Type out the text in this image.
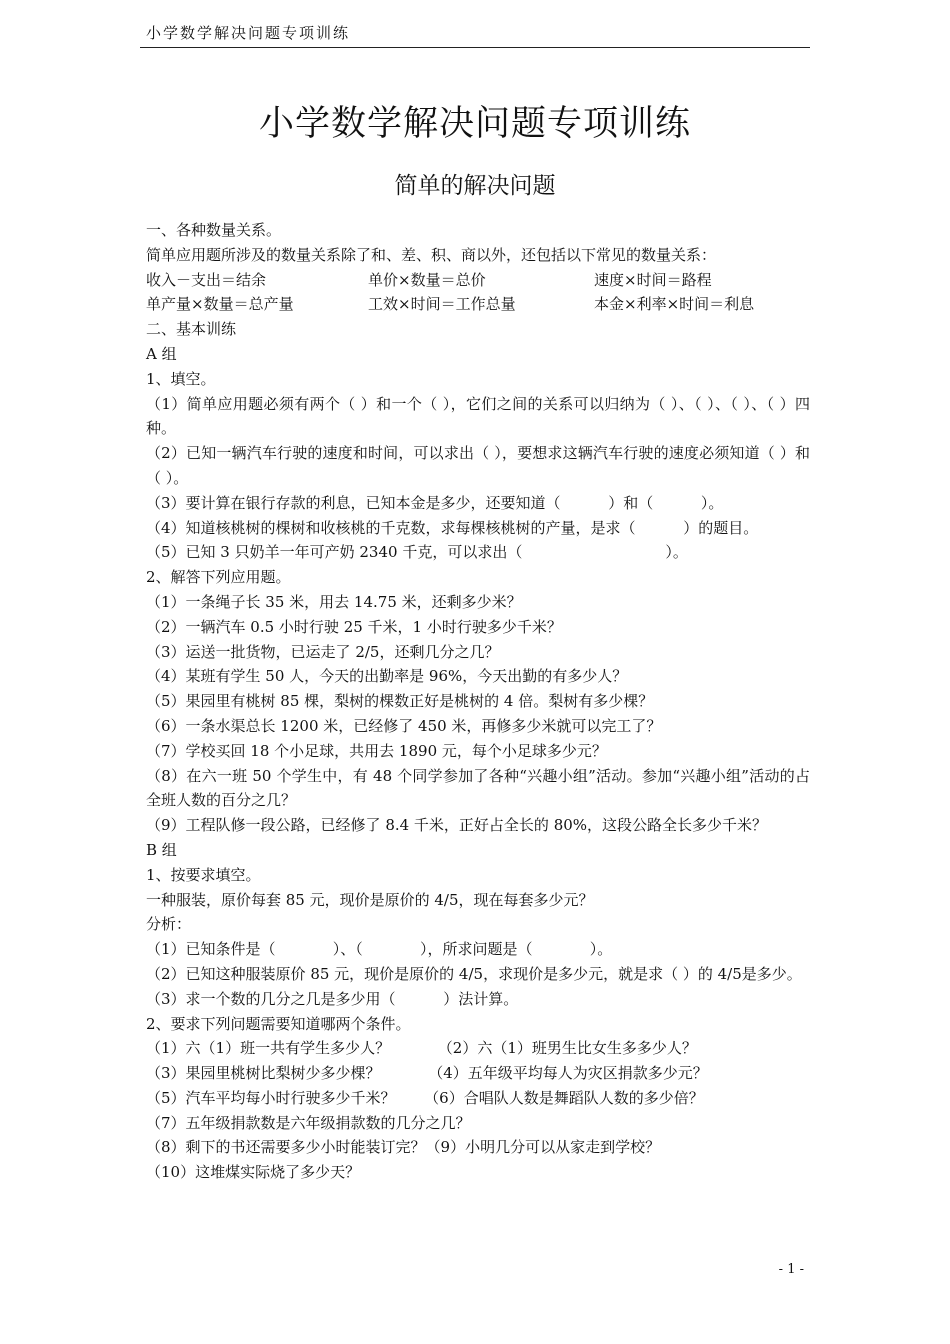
小学数学解决问题专项训练
小学数学解决问题专项训练
简单的解决问题
一、各种数量关系。
简单应用题所涉及的数量关系除了和、差、积、商以外，还包括以下常见的数量关系：
收入－支出＝结余	单价×数量＝总价	速度×时间＝路程
单产量×数量＝总产量	工效×时间＝工作总量	本金×利率×时间＝利息
二、基本训练
A 组
1、填空。
（1）简单应用题必须有两个（ ）和一个（ ），它们之间的关系可以归纳为（ ）、（ ）、（ ）、（ ）四种。
（2）已知一辆汽车行驶的速度和时间，可以求出（ ），要想求这辆汽车行驶的速度必须知道（ ）和（ ）。
（3）要计算在银行存款的利息，已知本金是多少，还要知道（          ）和（          ）。
（4）知道核桃树的棵树和收核桃的千克数，求每棵核桃树的产量，是求（          ）的题目。
（5）已知 3 只奶羊一年可产奶 2340 千克，可以求出（                              ）。
2、解答下列应用题。
（1）一条绳子长 35 米，用去 14.75 米，还剩多少米？
（2）一辆汽车 0.5 小时行驶 25 千米，1 小时行驶多少千米？
（3）运送一批货物，已运走了 2/5，还剩几分之几？
（4）某班有学生 50 人，今天的出勤率是 96%，今天出勤的有多少人？
（5）果园里有桃树 85 棵，梨树的棵数正好是桃树的 4 倍。梨树有多少棵？
（6）一条水渠总长 1200 米，已经修了 450 米，再修多少米就可以完工了？
（7）学校买回 18 个小足球，共用去 1890 元，每个小足球多少元？
（8）在六一班 50 个学生中，有 48 个同学参加了各种“兴趣小组”活动。参加“兴趣小组”活动的占全班人数的百分之几？
（9）工程队修一段公路，已经修了 8.4 千米，正好占全长的 80%，这段公路全长多少千米？
B 组
1、按要求填空。
一种服装，原价每套 85 元，现价是原价的 4/5，现在每套多少元？
分析：
（1）已知条件是（            ）、（            ），所求问题是（            ）。
（2）已知这种服装原价 85 元，现价是原价的 4/5，求现价是多少元，就是求（ ）的 4/5是多少。
（3）求一个数的几分之几是多少用（          ）法计算。
2、要求下列问题需要知道哪两个条件。
（1）六（1）班一共有学生多少人？          （2）六（1）班男生比女生多多少人？
（3）果园里桃树比梨树少多少棵？          （4）五年级平均每人为灾区捐款多少元？
（5）汽车平均每小时行驶多少千米？      （6）合唱队人数是舞蹈队人数的多少倍？
（7）五年级捐款数是六年级捐款数的几分之几？
（8）剩下的书还需要多少小时能装订完？（9）小明几分可以从家走到学校？
（10）这堆煤实际烧了多少天？
- 1 -
